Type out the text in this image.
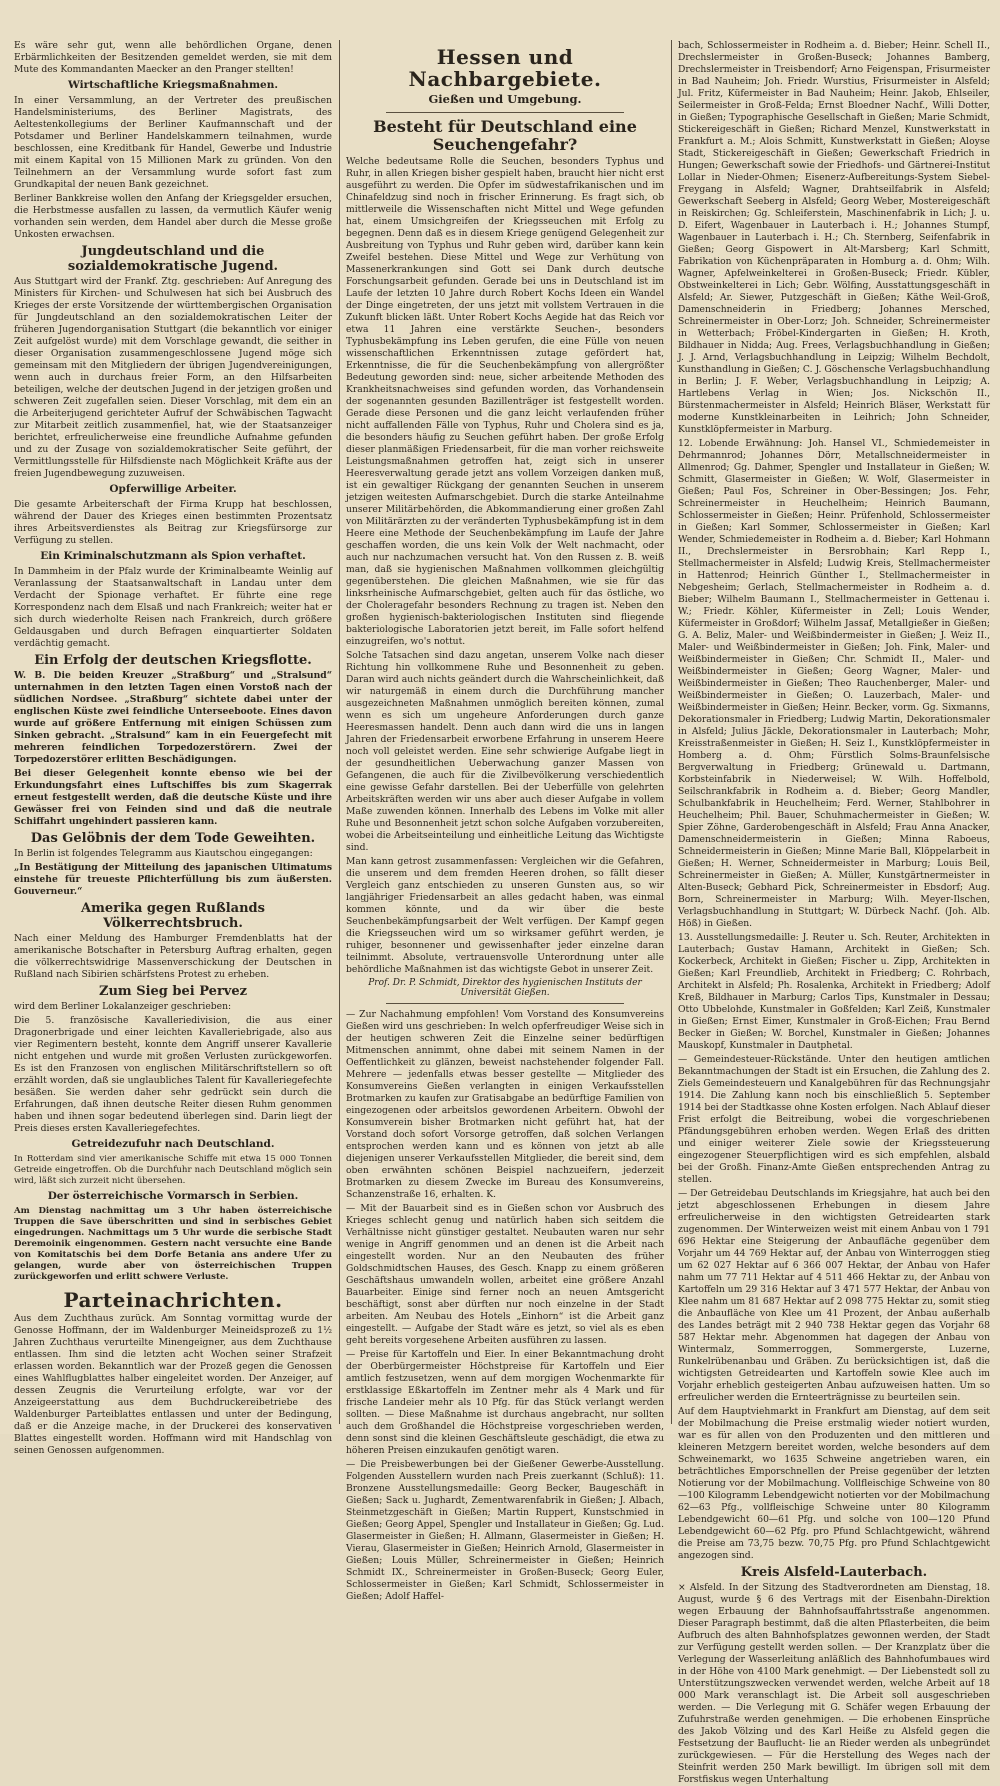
Es wäre sehr gut, wenn alle behördlichen Organe, denen Erbärmlichkeiten der Besitzenden gemeldet werden, sie mit dem Mute des Kommandanten Maecker an den Pranger stellten!

Wirtschaftliche Kriegsmaßnahmen.

In einer Versammlung, an der Vertreter des preußischen Handelsministeriums, des Berliner Magistrats, des Aeltestenkollegiums der Berliner Kaufmannschaft und der Potsdamer und Berliner Handelskammern teilnahmen, wurde beschlossen, eine Kreditbank für Handel, Gewerbe und Industrie mit einem Kapital von 15 Millionen Mark zu gründen. Von den Teilnehmern an der Versammlung wurde sofort fast zum Grundkapital der neuen Bank gezeichnet.

Berliner Bankkreise wollen den Anfang der Kriegsgelder ersuchen, die Herbstmesse ausfallen zu lassen, da vermutlich Käufer wenig vorhanden sein werden, dem Handel aber durch die Messe große Unkosten erwachsen.

Jungdeutschland und die sozialdemokratische Jugend.

Aus Stuttgart wird der Frankf. Ztg. geschrieben: Auf Anregung des Ministers für Kirchen- und Schulwesen hat sich bei Ausbruch des Krieges der erste Vorsitzende der württembergischen Organisation für Jungdeutschland an den sozialdemokratischen Leiter der früheren Jugendorganisation Stuttgart (die bekanntlich vor einiger Zeit aufgelöst wurde) mit dem Vorschlage gewandt, die seither in dieser Organisation zusammengeschlossene Jugend möge sich gemeinsam mit den Mitgliedern der übrigen Jugendvereinigungen, wenn auch in durchaus freier Form, an den Hilfsarbeiten beteiligen, welche der deutschen Jugend in der jetzigen großen und schweren Zeit zugefallen seien. Dieser Vorschlag, mit dem ein an die Arbeiterjugend gerichteter Aufruf der Schwäbischen Tagwacht zur Mitarbeit zeitlich zusammenfiel, hat, wie der Staatsanzeiger berichtet, erfreulicherweise eine freundliche Aufnahme gefunden und zu der Zusage von sozialdemokratischer Seite geführt, der Vermittlungsstelle für Hilfsdienste nach Möglichkeit Kräfte aus der freien Jugendbewegung zuzuweisen.

Opferwillige Arbeiter.

Die gesamte Arbeiterschaft der Firma Krupp hat beschlossen, während der Dauer des Krieges einen bestimmten Prozentsatz ihres Arbeitsverdienstes als Beitrag zur Kriegsfürsorge zur Verfügung zu stellen.

Ein Kriminalschutzmann als Spion verhaftet.

In Dammheim in der Pfalz wurde der Kriminalbeamte Weinlig auf Veranlassung der Staatsanwaltschaft in Landau unter dem Verdacht der Spionage verhaftet. Er führte eine rege Korrespondenz nach dem Elsaß und nach Frankreich; weiter hat er sich durch wiederholte Reisen nach Frankreich, durch größere Geldausgaben und durch Befragen einquartierter Soldaten verdächtig gemacht.

Ein Erfolg der deutschen Kriegsflotte.

W. B. Die beiden Kreuzer „Straßburg“ und „Stralsund“ unternahmen in den letzten Tagen einen Vorstoß nach der südlichen Nordsee. „Straßburg“ sichtete dabei unter der englischen Küste zwei feindliche Unterseeboote. Eines davon wurde auf größere Entfernung mit einigen Schüssen zum Sinken gebracht. „Stralsund“ kam in ein Feuergefecht mit mehreren feindlichen Torpedozerstörern. Zwei der Torpedozerstörer erlitten Beschädigungen.

Bei dieser Gelegenheit konnte ebenso wie bei der Erkundungsfahrt eines Luftschiffes bis zum Skagerrak erneut festgestellt werden, daß die deutsche Küste und ihre Gewässer frei von Feinden sind und daß die neutrale Schiffahrt ungehindert passieren kann.

Das Gelöbnis der dem Tode Geweihten.

In Berlin ist folgendes Telegramm aus Kiautschou eingegangen:

„In Bestätigung der Mitteilung des japanischen Ultimatums einstehe für treueste Pflichterfüllung bis zum äußersten. Gouverneur.“

Amerika gegen Rußlands Völkerrechtsbruch.

Nach einer Meldung des Hamburger Fremdenblatts hat der amerikanische Botschafter in Petersburg Auftrag erhalten, gegen die völkerrechtswidrige Massenverschickung der Deutschen in Rußland nach Sibirien schärfstens Protest zu erheben.

Zum Sieg bei Pervez

wird dem Berliner Lokalanzeiger geschrieben:

Die 5. französische Kavalleriedivision, die aus einer Dragonerbrigade und einer leichten Kavalleriebrigade, also aus vier Regimentern besteht, konnte dem Angriff unserer Kavallerie nicht entgehen und wurde mit großen Verlusten zurückgeworfen. Es ist den Franzosen von englischen Militärschriftstellern so oft erzählt worden, daß sie unglaubliches Talent für Kavalleriegefechte besäßen. Sie werden daher sehr gedrückt sein durch die Erfahrungen, daß ihnen deutsche Reiter diesen Ruhm genommen haben und ihnen sogar bedeutend überlegen sind. Darin liegt der Preis dieses ersten Kavalleriegefechtes.

Getreidezufuhr nach Deutschland.

In Rotterdam sind vier amerikanische Schiffe mit etwa 15 000 Tonnen Getreide eingetroffen. Ob die Durchfuhr nach Deutschland möglich sein wird, läßt sich zurzeit nicht übersehen.

Der österreichische Vormarsch in Serbien.

Am Dienstag nachmittag um 3 Uhr haben österreichische Truppen die Save überschritten und sind in serbisches Gebiet eingedrungen. Nachmittags um 5 Uhr wurde die serbische Stadt Deremoinik eingenommen. Gestern nacht versuchte eine Bande von Komitatschis bei dem Dorfe Betania ans andere Ufer zu gelangen, wurde aber von österreichischen Truppen zurückgeworfen und erlitt schwere Verluste.

Parteinachrichten.

Aus dem Zuchthaus zurück. Am Sonntag vormittag wurde der Genosse Hoffmann, der im Waldenburger Meineidsprozeß zu 1½ Jahren Zuchthaus verurteilte Minengeigner, aus dem Zuchthause entlassen. Ihm sind die letzten acht Wochen seiner Strafzeit erlassen worden. Bekanntlich war der Prozeß gegen die Genossen eines Wahlflugblattes halber eingeleitet worden. Der Anzeiger, auf dessen Zeugnis die Verurteilung erfolgte, war vor der Anzeigeerstattung aus dem Buchdruckereibetriebe des Waldenburger Parteiblattes entlassen und unter der Bedingung, daß er die Anzeige mache, in der Druckerei des konservativen Blattes eingestellt worden. Hoffmann wird mit Handschlag von seinen Genossen aufgenommen.

Hessen und Nachbargebiete.
Gießen und Umgebung.
Besteht für Deutschland eine Seuchengefahr?

Welche bedeutsame Rolle die Seuchen, besonders Typhus und Ruhr, in allen Kriegen bisher gespielt haben, braucht hier nicht erst ausgeführt zu werden. Die Opfer im südwestafrikanischen und im Chinafeldzug sind noch in frischer Erinnerung. Es fragt sich, ob mittlerweile die Wissenschaften nicht Mittel und Wege gefunden hat, einem Umsichgreifen der Kriegsseuchen mit Erfolg zu begegnen. Denn daß es in diesem Kriege genügend Gelegenheit zur Ausbreitung von Typhus und Ruhr geben wird, darüber kann kein Zweifel bestehen. Diese Mittel und Wege zur Verhütung von Massenerkrankungen sind Gott sei Dank durch deutsche Forschungsarbeit gefunden. Gerade bei uns in Deutschland ist im Laufe der letzten 10 Jahre durch Robert Kochs Ideen ein Wandel der Dinge eingetreten, der uns jetzt mit vollstem Vertrauen in die Zukunft blicken läßt. Unter Robert Kochs Aegide hat das Reich vor etwa 11 Jahren eine verstärkte Seuchen-, besonders Typhusbekämpfung ins Leben gerufen, die eine Fülle von neuen wissenschaftlichen Erkenntnissen zutage gefördert hat, Erkenntnisse, die für die Seuchenbekämpfung von allergrößter Bedeutung geworden sind: neue, sicher arbeitende Methoden des Krankheitsnachweises sind gefunden worden, das Vorhandensein der sogenannten gesunden Bazillenträger ist festgestellt worden. Gerade diese Personen und die ganz leicht verlaufenden früher nicht auffallenden Fälle von Typhus, Ruhr und Cholera sind es ja, die besonders häufig zu Seuchen geführt haben. Der große Erfolg dieser planmäßigen Friedensarbeit, für die man vorher reichsweite Leistungsmaßnahmen getroffen hat, zeigt sich in unserer Heeresverwaltung gerade jetzt ans vollem Vorzeigen danken muß, ist ein gewaltiger Rückgang der genannten Seuchen in unserem jetzigen weitesten Aufmarschgebiet. Durch die starke Anteilnahme unserer Militärbehörden, die Abkommandierung einer großen Zahl von Militärärzten zu der veränderten Typhusbekämpfung ist in dem Heere eine Methode der Seuchenbekämpfung im Laufe der Jahre geschaffen worden, die uns kein Volk der Welt nachmacht, oder auch nur nachzumachen versucht hat. Von den Russen z. B. weiß man, daß sie hygienischen Maßnahmen vollkommen gleichgültig gegenüberstehen. Die gleichen Maßnahmen, wie sie für das linksrheinische Aufmarschgebiet, gelten auch für das östliche, wo der Choleragefahr besonders Rechnung zu tragen ist. Neben den großen hygienisch-bakteriologischen Instituten sind fliegende bakteriologische Laboratorien jetzt bereit, im Falle sofort helfend einzugreifen, wo's nottut.

Solche Tatsachen sind dazu angetan, unserem Volke nach dieser Richtung hin vollkommene Ruhe und Besonnenheit zu geben. Daran wird auch nichts geändert durch die Wahrscheinlichkeit, daß wir naturgemäß in einem durch die Durchführung mancher ausgezeichneten Maßnahmen unmöglich bereiten können, zumal wenn es sich um ungeheure Anforderungen durch ganze Heeresmassen handelt. Denn auch dann wird die uns in langen Jahren der Friedensarbeit erworbene Erfahrung in unserem Heere noch voll geleistet werden. Eine sehr schwierige Aufgabe liegt in der gesundheitlichen Ueberwachung ganzer Massen von Gefangenen, die auch für die Zivilbevölkerung verschiedentlich eine gewisse Gefahr darstellen. Bei der Ueberfülle von gelehrten Arbeitskräften werden wir uns aber auch dieser Aufgabe in vollem Maße zuwenden können. Innerhalb des Lebens im Volke mit aller Ruhe und Besonnenheit jetzt schon solche Aufgaben vorzubereiten, wobei die Arbeitseinteilung und einheitliche Leitung das Wichtigste sind.

Man kann getrost zusammenfassen: Vergleichen wir die Gefahren, die unserem und dem fremden Heeren drohen, so fällt dieser Vergleich ganz entschieden zu unseren Gunsten aus, so wir langjähriger Friedensarbeit an alles gedacht haben, was einmal kommen könnte, und da wir über die beste Seuchenbekämpfungsarbeit der Welt verfügen. Der Kampf gegen die Kriegsseuchen wird um so wirksamer geführt werden, je ruhiger, besonnener und gewissenhafter jeder einzelne daran teilnimmt. Absolute, vertrauensvolle Unterordnung unter alle behördliche Maßnahmen ist das wichtigste Gebot in unserer Zeit.

Prof. Dr. P. Schmidt, Direktor des hygienischen Instituts der Universität Gießen.

— Zur Nachahmung empfohlen! Vom Vorstand des Konsumvereins Gießen wird uns geschrieben: In welch opferfreudiger Weise sich in der heutigen schweren Zeit die Einzelne seiner bedürftigen Mitmenschen annimmt, ohne dabei mit seinem Namen in der Oeffentlichkeit zu glänzen, beweist nachstehender folgender Fall. Mehrere — jedenfalls etwas besser gestellte — Mitglieder des Konsumvereins Gießen verlangten in einigen Verkaufsstellen Brotmarken zu kaufen zur Gratisabgabe an bedürftige Familien von eingezogenen oder arbeitslos gewordenen Arbeitern. Obwohl der Konsumverein bisher Brotmarken nicht geführt hat, hat der Vorstand doch sofort Vorsorge getroffen, daß solchen Verlangen entsprochen werden kann und es können von jetzt ab alle diejenigen unserer Verkaufsstellen Mitglieder, die bereit sind, dem oben erwähnten schönen Beispiel nachzueifern, jederzeit Brotmarken zu diesem Zwecke im Bureau des Konsumvereins, Schanzenstraße 16, erhalten. K.

— Mit der Bauarbeit sind es in Gießen schon vor Ausbruch des Krieges schlecht genug und natürlich haben sich seitdem die Verhältnisse nicht günstiger gestaltet. Neubauten waren nur sehr wenige in Angriff genommen und an denen ist die Arbeit nach eingestellt worden. Nur an den Neubauten des früher Goldschmidtschen Hauses, des Gesch. Knapp zu einem größeren Geschäftshaus umwandeln wollen, arbeitet eine größere Anzahl Bauarbeiter. Einige sind ferner noch an neuen Amtsgericht beschäftigt, sonst aber dürften nur noch einzelne in der Stadt arbeiten. Am Neubau des Hotels „Einhorn“ ist die Arbeit ganz eingestellt. — Aufgabe der Stadt wäre es jetzt, so viel als es eben geht bereits vorgesehene Arbeiten ausführen zu lassen.

— Preise für Kartoffeln und Eier. In einer Bekanntmachung droht der Oberbürgermeister Höchstpreise für Kartoffeln und Eier amtlich festzusetzen, wenn auf dem morgigen Wochenmarkte für erstklassige Eßkartoffeln im Zentner mehr als 4 Mark und für frische Landeier mehr als 10 Pfg. für das Stück verlangt werden sollten. — Diese Maßnahme ist durchaus angebracht, nur sollten auch dem Großhandel die Höchstpreise vorgeschrieben werden, denn sonst sind die kleinen Geschäftsleute geschädigt, die etwa zu höheren Preisen einzukaufen genötigt waren.

— Die Preisbewerbungen bei der Gießener Gewerbe-Ausstellung. Folgenden Ausstellern wurden nach Preis zuerkannt (Schluß): 11. Bronzene Ausstellungsmedaille: Georg Becker, Baugeschäft in Gießen; Sack u. Jughardt, Zementwarenfabrik in Gießen; J. Albach, Steinmetzgeschäft in Gießen; Martin Ruppert, Kunstschmied in Gießen; Georg Appel, Spengler und Installateur in Gießen; Gg. Lud. Glasermeister in Gießen; H. Allmann, Glasermeister in Gießen; H. Vierau, Glasermeister in Gießen; Heinrich Arnold, Glasermeister in Gießen; Louis Müller, Schreinermeister in Gießen; Heinrich Schmidt IX., Schreinermeister in Großen-Buseck; Georg Euler, Schlossermeister in Gießen; Karl Schmidt, Schlossermeister in Gießen; Adolf Haffel-

bach, Schlossermeister in Rodheim a. d. Bieber; Heinr. Schell II., Drechslermeister in Großen-Buseck; Johannes Bamberg, Drechslermeister in Treisbendorf; Arno Feigenspan, Frisurmeister in Bad Nauheim; Joh. Friedr. Wurstius, Frisurmeister in Alsfeld; Jul. Fritz, Küfermeister in Bad Nauheim; Heinr. Jakob, Ehlseiler, Seilermeister in Groß-Felda; Ernst Bloedner Nachf., Willi Dotter, in Gießen; Typographische Gesellschaft in Gießen; Marie Schmidt, Stickereigeschäft in Gießen; Richard Menzel, Kunstwerkstatt in Frankfurt a. M.; Alois Schmitt, Kunstwerkstatt in Gießen; Aloyse Stadt, Stickereigeschäft in Gießen; Gewerkschaft Friedrich in Hungen; Gewerkschaft sowie der Friedhofs- und Gärtnerei-Institut Lollar in Nieder-Ohmen; Eisenerz-Aufbereitungs-System Siebel-Freygang in Alsfeld; Wagner, Drahtseilfabrik in Alsfeld; Gewerkschaft Seeberg in Alsfeld; Georg Weber, Mostereigeschäft in Reiskirchen; Gg. Schleiferstein, Maschinenfabrik in Lich; J. u. D. Eifert, Wagenbauer in Lauterbach i. H.; Johannes Stumpf, Wagenbauer in Lauterbach i. H.; Ch. Sternberg, Seifenfabrik in Gießen; Georg Gispowert in Alt-Marsberg; Karl Schmitt, Fabrikation von Küchenpräparaten in Homburg a. d. Ohm; Wilh. Wagner, Apfelweinkelterei in Großen-Buseck; Friedr. Kübler, Obstweinkelterei in Lich; Gebr. Wölfing, Ausstattungsgeschäft in Alsfeld; Ar. Siewer, Putzgeschäft in Gießen; Käthe Weil-Groß, Damenschneiderin in Friedberg; Johannes Mersched, Schreinermeister in Ober-Lorz; Joh. Schneider, Schreinermeister in Wetterbach; Fröbel-Kindergarten in Gießen; H. Kroth, Bildhauer in Nidda; Aug. Frees, Verlagsbuchhandlung in Gießen; J. J. Arnd, Verlagsbuchhandlung in Leipzig; Wilhelm Bechdolt, Kunsthandlung in Gießen; C. J. Göschensche Verlagsbuchhandlung in Berlin; J. F. Weber, Verlagsbuchhandlung in Leipzig; A. Hartlebens Verlag in Wien; Jos. Nickschön II., Bürstenmachermeister in Alsfeld; Heinrich Bläser, Werkstatt für moderne Kunstkleinarbeiten in Leihrich; John Schneider, Kunstklöpfermeister in Marburg.

12. Lobende Erwähnung: Joh. Hansel VI., Schmiedemeister in Dehrmannrod; Johannes Dörr, Metallschneidermeister in Allmenrod; Gg. Dahmer, Spengler und Installateur in Gießen; W. Schmitt, Glasermeister in Gießen; W. Wolf, Glasermeister in Gießen; Paul Fos, Schreiner in Ober-Bessingen; Jos. Fehr, Schreinermeister in Heuchelheim; Heinrich Baumann, Schlossermeister in Gießen; Heinr. Prüfenhold, Schlossermeister in Gießen; Karl Sommer, Schlossermeister in Gießen; Karl Wender, Schmiedemeister in Rodheim a. d. Bieber; Karl Hohmann II., Drechslermeister in Bersrobhain; Karl Repp I., Stellmachermeister in Alsfeld; Ludwig Kreis, Stellmachermeister in Hattenrod; Heinrich Günther I., Stellmachermeister in Nebgesheim; Gerlach, Stellmachermeister in Rodheim a. d. Bieber; Wilhelm Baumann I., Stellmachermeister in Gettenau i. W.; Friedr. Köhler, Küfermeister in Zell; Louis Wender, Küfermeister in Großdorf; Wilhelm Jassaf, Metallgießer in Gießen; G. A. Beliz, Maler- und Weißbindermeister in Gießen; J. Weiz II., Maler- und Weißbindermeister in Gießen; Joh. Fink, Maler- und Weißbindermeister in Gießen; Chr. Schmidt II., Maler- und Weißbindermeister in Gießen; Georg Wagner, Maler- und Weißbindermeister in Gießen; Theo Rauchenberger, Maler- und Weißbindermeister in Gießen; O. Lauzerbach, Maler- und Weißbindermeister in Gießen; Heinr. Becker, vorm. Gg. Sixmanns, Dekorationsmaler in Friedberg; Ludwig Martin, Dekorationsmaler in Alsfeld; Julius Jäckle, Dekorationsmaler in Lauterbach; Mohr, Kreisstraßenmeister in Gießen; H. Seiz I., Kunstklöpfermeister in Homberg a. d. Ohm; Fürstlich Solms-Braunfelsische Bergverwaltung in Friedberg; Grünewald u. Dartmann, Korbsteinfabrik in Niederweisel; W. Wilh. Hoffelbold, Seilschrankfabrik in Rodheim a. d. Bieber; Georg Mandler, Schulbankfabrik in Heuchelheim; Ferd. Werner, Stahlbohrer in Heuchelheim; Phil. Bauer, Schuhmachermeister in Gießen; W. Spier Zöhne, Garderobengeschäft in Alsfeld; Frau Anna Anacker, Damenschneidermeisterin in Gießen; Minna Raboeus, Schneidermeisterin in Gießen; Minne Marie Ball, Klöppelarbeit in Gießen; H. Werner, Schneidermeister in Marburg; Louis Beil, Schreinermeister in Gießen; A. Müller, Kunstgärtnermeister in Alten-Buseck; Gebhard Pick, Schreinermeister in Ebsdorf; Aug. Born, Schreinermeister in Marburg; Wilh. Meyer-Ilschen, Verlagsbuchhandlung in Stuttgart; W. Dürbeck Nachf. (Joh. Alb. Höß) in Gießen.

13. Ausstellungsmedaille: J. Reuter u. Sch. Reuter, Architekten in Lauterbach; Gustav Hamann, Architekt in Gießen; Sch. Kockerbeck, Architekt in Gießen; Fischer u. Zipp, Architekten in Gießen; Karl Freundlieb, Architekt in Friedberg; C. Rohrbach, Architekt in Alsfeld; Ph. Rosalenka, Architekt in Friedberg; Adolf Kreß, Bildhauer in Marburg; Carlos Tips, Kunstmaler in Dessau; Otto Ubbelohde, Kunstmaler in Goßfelden; Karl Zeiß, Kunstmaler in Gießen; Ernst Eimer, Kunstmaler in Groß-Eichen; Frau Bernd Becker in Gießen; W. Borchel, Kunstmaler in Gießen; Johannes Mauskopf, Kunstmaler in Dautphetal.

— Gemeindesteuer-Rückstände. Unter den heutigen amtlichen Bekanntmachungen der Stadt ist ein Ersuchen, die Zahlung des 2. Ziels Gemeindesteuern und Kanalgebühren für das Rechnungsjahr 1914. Die Zahlung kann noch bis einschließlich 5. September 1914 bei der Stadtkasse ohne Kosten erfolgen. Nach Ablauf dieser Frist erfolgt die Beitreibung, wobei die vorgeschriebenen Pfändungsgebühren erhoben werden. Wegen Erlaß des dritten und einiger weiterer Ziele sowie der Kriegssteuerung eingezogener Steuerpflichtigen wird es sich empfehlen, alsbald bei der Großh. Finanz-Amte Gießen entsprechenden Antrag zu stellen.

— Der Getreidebau Deutschlands im Kriegsjahre, hat auch bei den jetzt abgeschlossenen Erhebungen in diesem Jahre erfreulicherweise in den wichtigsten Getreidearten stark zugenommen. Der Winterweizen weist mit einem Anbau von 1 791 696 Hektar eine Steigerung der Anbaufläche gegenüber dem Vorjahr um 44 769 Hektar auf, der Anbau von Winterroggen stieg um 62 027 Hektar auf 6 366 007 Hektar, der Anbau von Hafer nahm um 77 711 Hektar auf 4 511 466 Hektar zu, der Anbau von Kartoffeln um 29 316 Hektar auf 3 471 577 Hektar, der Anbau von Klee nahm um 81 687 Hektar auf 2 098 775 Hektar zu, somit stieg die Anbaufläche von Klee um 41 Prozent, der Anbau außerhalb des Landes beträgt mit 2 940 738 Hektar gegen das Vorjahr 68 587 Hektar mehr. Abgenommen hat dagegen der Anbau von Wintermalz, Sommerroggen, Sommergerste, Luzerne, Runkelrübenanbau und Gräben. Zu berücksichtigen ist, daß die wichtigsten Getreidearten und Kartoffeln sowie Klee auch im Vorjahr erheblich gesteigerten Anbau aufzuweisen hatten. Um so erfreulicher werden die Ernteerträgnisse zu beurteilen sein.

Auf dem Hauptviehmarkt in Frankfurt am Dienstag, auf dem seit der Mobilmachung die Preise erstmalig wieder notiert wurden, war es für allen von den Produzenten und den mittleren und kleineren Metzgern bereitet worden, welche besonders auf dem Schweinemarkt, wo 1635 Schweine angetrieben waren, ein beträchtliches Emporschnellen der Preise gegenüber der letzten Notierung vor der Mobilmachung. Vollfleischige Schweine von 80—100 Kilogramm Lebendgewicht notierten vor der Mobilmachung 62—63 Pfg., vollfleischige Schweine unter 80 Kilogramm Lebendgewicht 60—61 Pfg. und solche von 100—120 Pfund Lebendgewicht 60—62 Pfg. pro Pfund Schlachtgewicht, während die Preise am 73,75 bezw. 70,75 Pfg. pro Pfund Schlachtgewicht angezogen sind.

Kreis Alsfeld-Lauterbach.

× Alsfeld. In der Sitzung des Stadtverordneten am Dienstag, 18. August, wurde § 6 des Vertrags mit der Eisenbahn-Direktion wegen Erbauung der Bahnhofsauffahrtsstraße angenommen. Dieser Paragraph bestimmt, daß die alten Pflasterbeiten, die beim Aufbruch des alten Bahnhofsplatzes gewonnen werden, der Stadt zur Verfügung gestellt werden sollen. — Der Kranzplatz über die Verlegung der Wasserleitung anläßlich des Bahnhofumbaues wird in der Höhe von 4100 Mark genehmigt. — Der Liebenstedt soll zu Unterstützungszwecken verwendet werden, welche Arbeit auf 18 000 Mark veranschlagt ist. Die Arbeit soll ausgeschrieben werden. — Die Verlegung mit G. Schäfer wegen Erbauung der Zufuhrstraße werden genehmigen. — Die erhobenen Einsprüche des Jakob Völzing und des Karl Heiße zu Alsfeld gegen die Festsetzung der Bauflucht- lie an Rieder werden als unbegründet zurückgewiesen. — Für die Herstellung des Weges nach der Steinfrit werden 250 Mark bewilligt. Im übrigen soll mit dem Forstfiskus wegen Unterhaltung
